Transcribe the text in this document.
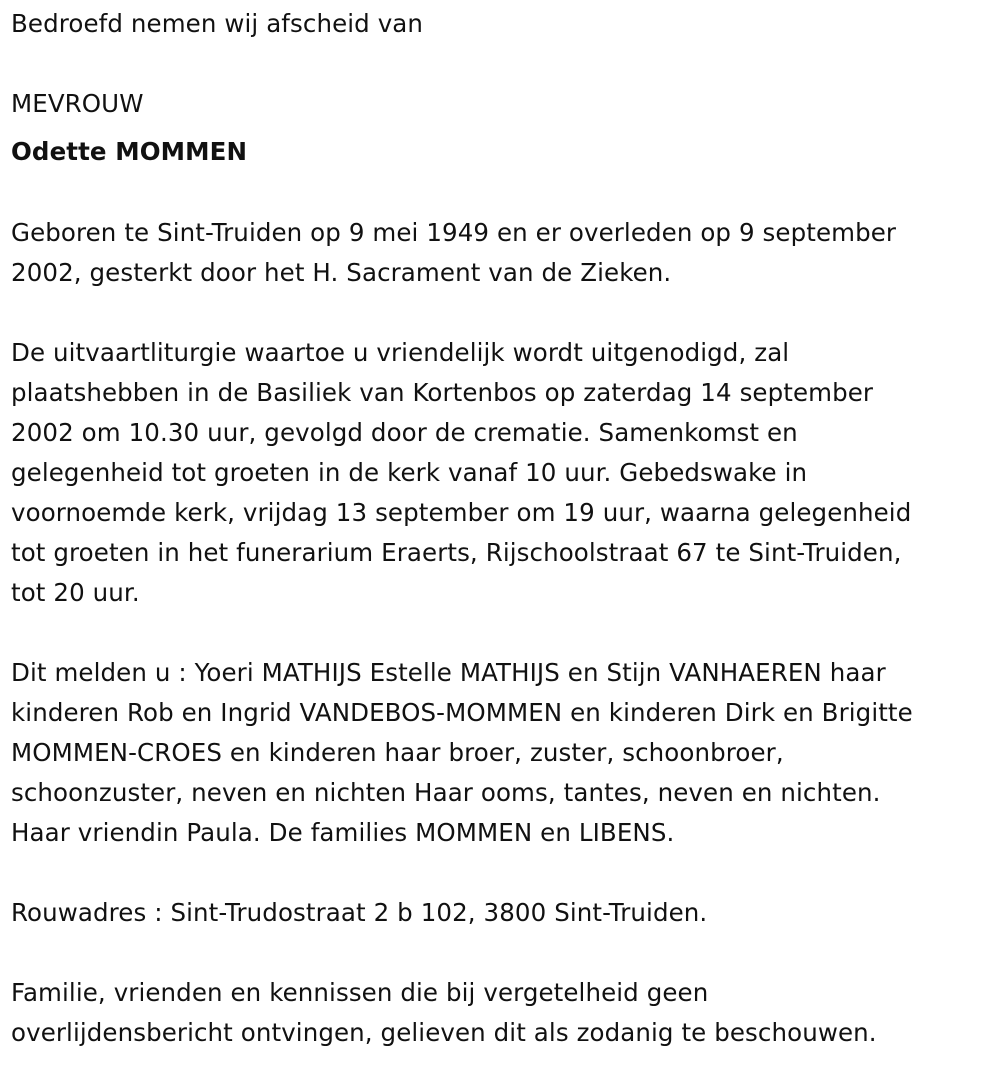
Bedroefd nemen wij afscheid van
MEVROUW
Odette MOMMEN
Geboren te Sint-Truiden op 9 mei 1949 en er overleden op 9 september
2002, gesterkt door het H. Sacrament van de Zieken.
De uitvaartliturgie waartoe u vriendelijk wordt uitgenodigd, zal
plaatshebben in de Basiliek van Kortenbos op zaterdag 14 september
2002 om 10.30 uur, gevolgd door de crematie. Samenkomst en
gelegenheid tot groeten in de kerk vanaf 10 uur. Gebedswake in
voornoemde kerk, vrijdag 13 september om 19 uur, waarna gelegenheid
tot groeten in het funerarium Eraerts, Rijschoolstraat 67 te Sint-Truiden,
tot 20 uur.
Dit melden u : Yoeri MATHIJS Estelle MATHIJS en Stijn VANHAEREN haar
kinderen Rob en Ingrid VANDEBOS-MOMMEN en kinderen Dirk en Brigitte
MOMMEN-CROES en kinderen haar broer, zuster, schoonbroer,
schoonzuster, neven en nichten Haar ooms, tantes, neven en nichten.
Haar vriendin Paula. De families MOMMEN en LIBENS.
Rouwadres : Sint-Trudostraat 2 b 102, 3800 Sint-Truiden.
Familie, vrienden en kennissen die bij vergetelheid geen
overlijdensbericht ontvingen, gelieven dit als zodanig te beschouwen.
